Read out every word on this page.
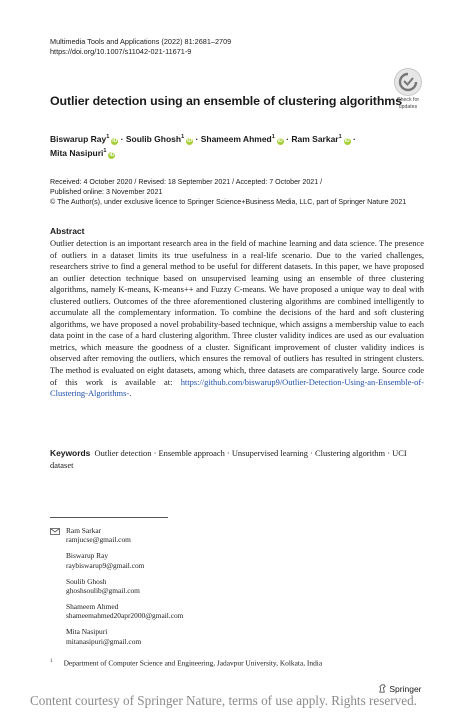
Multimedia Tools and Applications (2022) 81:2681–2709
https://doi.org/10.1007/s11042-021-11671-9
Check for
updates
Outlier detection using an ensemble of clustering algorithms
Biswarup Ray$^1$iD · Soulib Ghosh$^1$iD · Shameem Ahmed$^1$iD · Ram Sarkar$^1$iD ·
Mita Nasipuri$^1$iD
Received: 4 October 2020 / Revised: 18 September 2021 / Accepted: 7 October 2021 /
Published online: 3 November 2021
© The Author(s), under exclusive licence to Springer Science+Business Media, LLC, part of Springer Nature 2021
Abstract
Outlier detection is an important research area in the field of machine learning and data science. The presence of outliers in a dataset limits its true usefulness in a real-life scenario. Due to the varied challenges, researchers strive to find a general method to be useful for different datasets. In this paper, we have proposed an outlier detection technique based on unsupervised learning using an ensemble of three clustering algorithms, namely K-means, K-means++ and Fuzzy C-means. We have proposed a unique way to deal with clustered outliers. Outcomes of the three aforementioned clustering algorithms are combined intelligently to accumulate all the complementary information. To combine the decisions of the hard and soft clustering algorithms, we have proposed a novel probability-based technique, which assigns a membership value to each data point in the case of a hard clustering algorithm. Three cluster validity indices are used as our evaluation metrics, which measure the goodness of a cluster. Significant improvement of cluster validity indices is observed after removing the outliers, which ensures the removal of outliers has resulted in stringent clusters. The method is evaluated on eight datasets, among which, three datasets are comparatively large. Source code of this work is available at: https://github.com/biswarup9/Outlier-Detection-Using-an-Ensemble-of-Clustering-Algorithms-.
Keywords Outlier detection · Ensemble approach · Unsupervised learning · Clustering algorithm · UCI dataset
Ram Sarkar
ramjucse@gmail.com
Biswarup Ray
raybiswarup9@gmail.com
Soulib Ghosh
ghoshsoulib@gmail.com
Shameem Ahmed
shameemahmed20apr2000@gmail.com
Mita Nasipuri
mitanasipuri@gmail.com
$^1$ Department of Computer Science and Engineering, Jadavpur University, Kolkata, India
Springer
Content courtesy of Springer Nature, terms of use apply. Rights reserved.
